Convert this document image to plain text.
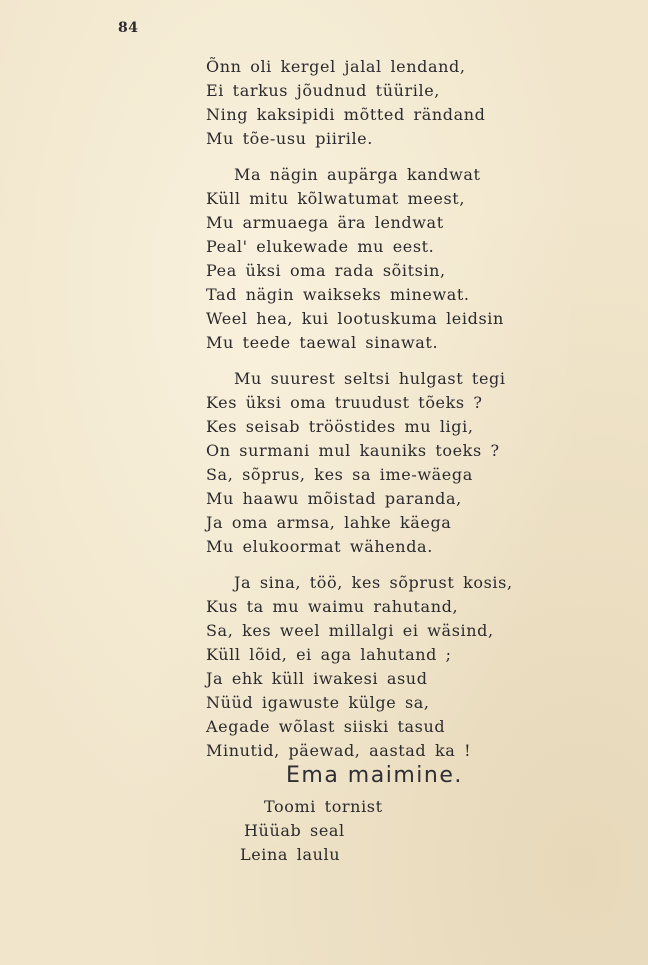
84
Õnn oli kergel jalal lendand,
Ei tarkus jõudnud tüürile,
Ning kaksipidi mõtted rändand
Mu tõe-usu piirile.
Ma nägin aupärga kandwat
Küll mitu kõlwatumat meest,
Mu armuaega ära lendwat
Peal' elukewade mu eest.
Pea üksi oma rada sõitsin,
Tad nägin waikseks minewat.
Weel hea, kui lootuskuma leidsin
Mu teede taewal sinawat.
Mu suurest seltsi hulgast tegi
Kes üksi oma truudust tõeks ?
Kes seisab trööstides mu ligi,
On surmani mul kauniks toeks ?
Sa, sõprus, kes sa ime-wäega
Mu haawu mõistad paranda,
Ja oma armsa, lahke käega
Mu elukoormat wähenda.
Ja sina, töö, kes sõprust kosis,
Kus ta mu waimu rahutand,
Sa, kes weel millalgi ei wäsind,
Küll lõid, ei aga lahutand ;
Ja ehk küll iwakesi asud
Nüüd igawuste külge sa,
Aegade wõlast siiski tasud
Minutid, päewad, aastad ka !
Ema maimine.
Toomi tornist
Hüüab seal
Leina laulu
